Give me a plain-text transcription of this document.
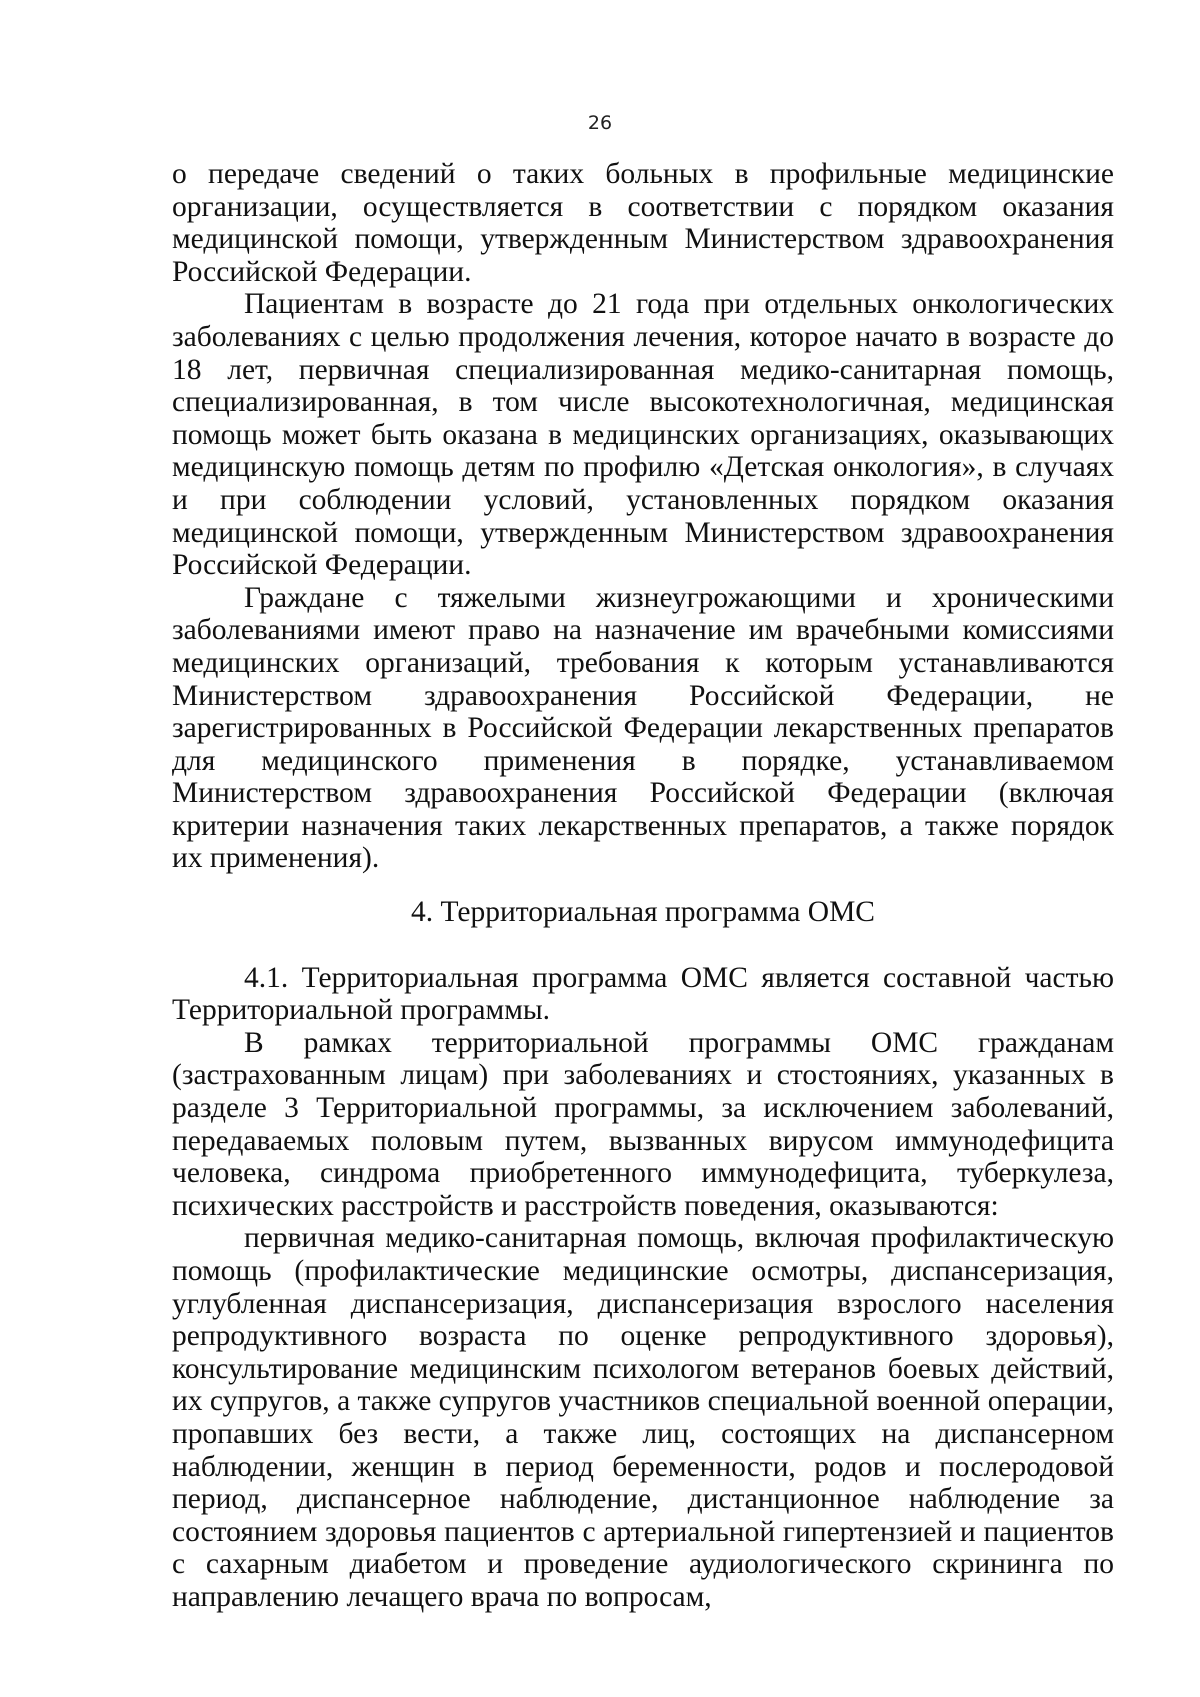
26

о передаче сведений о таких больных в профильные медицинские организации, осуществляется в соответствии с порядком оказания медицинской помощи, утвержденным Министерством здравоохранения Российской Федерации.

Пациентам в возрасте до 21 года при отдельных онкологических заболеваниях с целью продолжения лечения, которое начато в возрасте до 18 лет, первичная специализированная медико-санитарная помощь, специализированная, в том числе высокотехнологичная, медицинская помощь может быть оказана в медицинских организациях, оказывающих медицинскую помощь детям по профилю «Детская онкология», в случаях и при соблюдении условий, установленных порядком оказания медицинской помощи, утвержденным Министерством здравоохранения Российской Федерации.

Граждане с тяжелыми жизнеугрожающими и хроническими заболеваниями имеют право на назначение им врачебными комиссиями медицинских организаций, требования к которым устанавливаются Министерством здравоохранения Российской Федерации, не зарегистрированных в Российской Федерации лекарственных препаратов для медицинского применения в порядке, устанавливаемом Министерством здравоохранения Российской Федерации (включая критерии назначения таких лекарственных препаратов, а также порядок их применения).

4. Территориальная программа ОМС

4.1. Территориальная программа ОМС является составной частью Территориальной программы.

В рамках территориальной программы ОМС гражданам (застрахованным лицам) при заболеваниях и стостояниях, указанных в разделе 3 Территориальной программы, за исключением заболеваний, передаваемых половым путем, вызванных вирусом иммунодефицита человека, синдрома приобретенного иммунодефицита, туберкулеза, психических расстройств и расстройств поведения, оказываются:

первичная медико-санитарная помощь, включая профилактическую помощь (профилактические медицинские осмотры, диспансеризация, углубленная диспансеризация, диспансеризация взрослого населения репродуктивного возраста по оценке репродуктивного здоровья), консультирование медицинским психологом ветеранов боевых действий, их супругов, а также супругов участников специальной военной операции, пропавших без вести, а также лиц, состоящих на диспансерном наблюдении, женщин в период беременности, родов и послеродовой период, диспансерное наблюдение, дистанционное наблюдение за состоянием здоровья пациентов с артериальной гипертензией и пациентов с сахарным диабетом и проведение аудиологического скрининга по направлению лечащего врача по вопросам,
